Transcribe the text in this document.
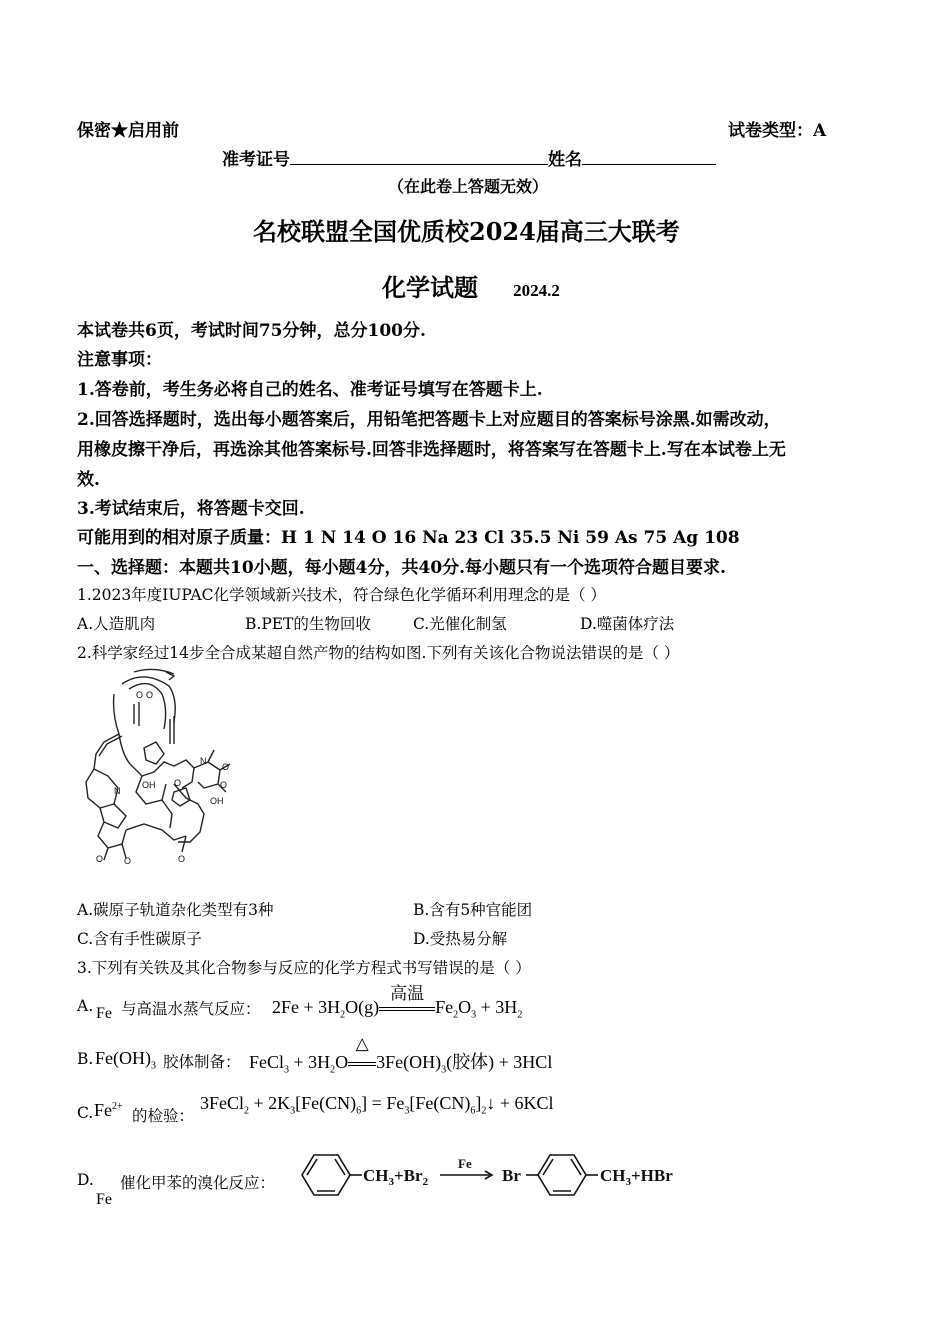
保密★启用前	试卷类型：A
准考证号	姓名
（在此卷上答题无效）
名校联盟全国优质校2024届高三大联考
化学试题 2024.2
本试卷共6页，考试时间75分钟，总分100分.
注意事项：
1.答卷前，考生务必将自己的姓名、准考证号填写在答题卡上.
2.回答选择题时，选出每小题答案后，用铅笔把答题卡上对应题目的答案标号涂黑.如需改动，
用橡皮擦干净后，再选涂其他答案标号.回答非选择题时，将答案写在答题卡上.写在本试卷上无
效.
3.考试结束后，将答题卡交回.
可能用到的相对原子质量：H 1 N 14 O 16 Na 23 Cl 35.5 Ni 59 As 75 Ag 108
一、选择题：本题共10小题，每小题4分，共40分.每小题只有一个选项符合题目要求.
1.2023年度IUPAC化学领域新兴技术，符合绿色化学循环利用理念的是（ ）
A.人造肌肉	B.PET的生物回收	C.光催化制氢	D.噬菌体疗法
2.科学家经过14步全合成某超自然产物的结构如图.下列有关该化合物说法错误的是（ ）
O O
OH
N
O	O
OH
N
O
O O	O
A.碳原子轨道杂化类型有3种	B.含有5种官能团
C.含有手性碳原子	D.受热易分解
3.下列有关铁及其化合物参与反应的化学方程式书写错误的是（ ）
A. Fe 与高温水蒸气反应： $2Fe + 3H_2O(g)$
高温
$Fe_2O_3 + 3H_2$
B. $Fe(OH)_3$ 胶体制备： FeCl$_3$ + $3H_2O$
△
$3Fe(OH)_3$(胶体) + 3HCl
C. $Fe^{2+}$
的检验：
3FeCl$_2$ + $2K_3[Fe(CN)_6]$ = $Fe_3[Fe(CN)_6]_2↓ + 6KCl$
D. 催化甲苯的溴化反应：
Fe
$CH_3+Br_2$
Fe
Br	$CH_3+HBr$
